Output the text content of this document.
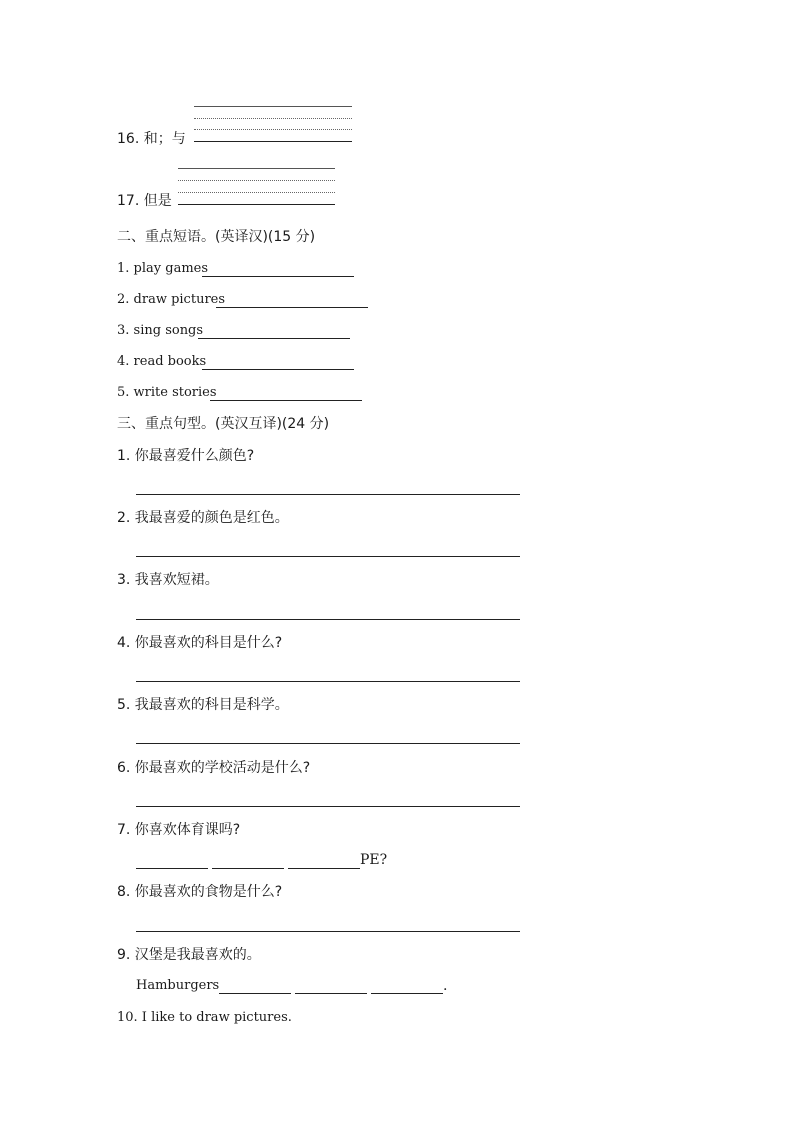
16. 和；与
17. 但是
二、重点短语。(英译汉)(15 分)
1. play games
2. draw pictures
3. sing songs
4. read books
5. write stories
三、重点句型。(英汉互译)(24 分)
1. 你最喜爱什么颜色?
2. 我最喜爱的颜色是红色。
3. 我喜欢短裙。
4. 你最喜欢的科目是什么?
5. 我最喜欢的科目是科学。
6. 你最喜欢的学校活动是什么?
7. 你喜欢体育课吗?
PE?
8. 你最喜欢的食物是什么?
9. 汉堡是我最喜欢的。
Hamburgers	.
10. I like to draw pictures.
